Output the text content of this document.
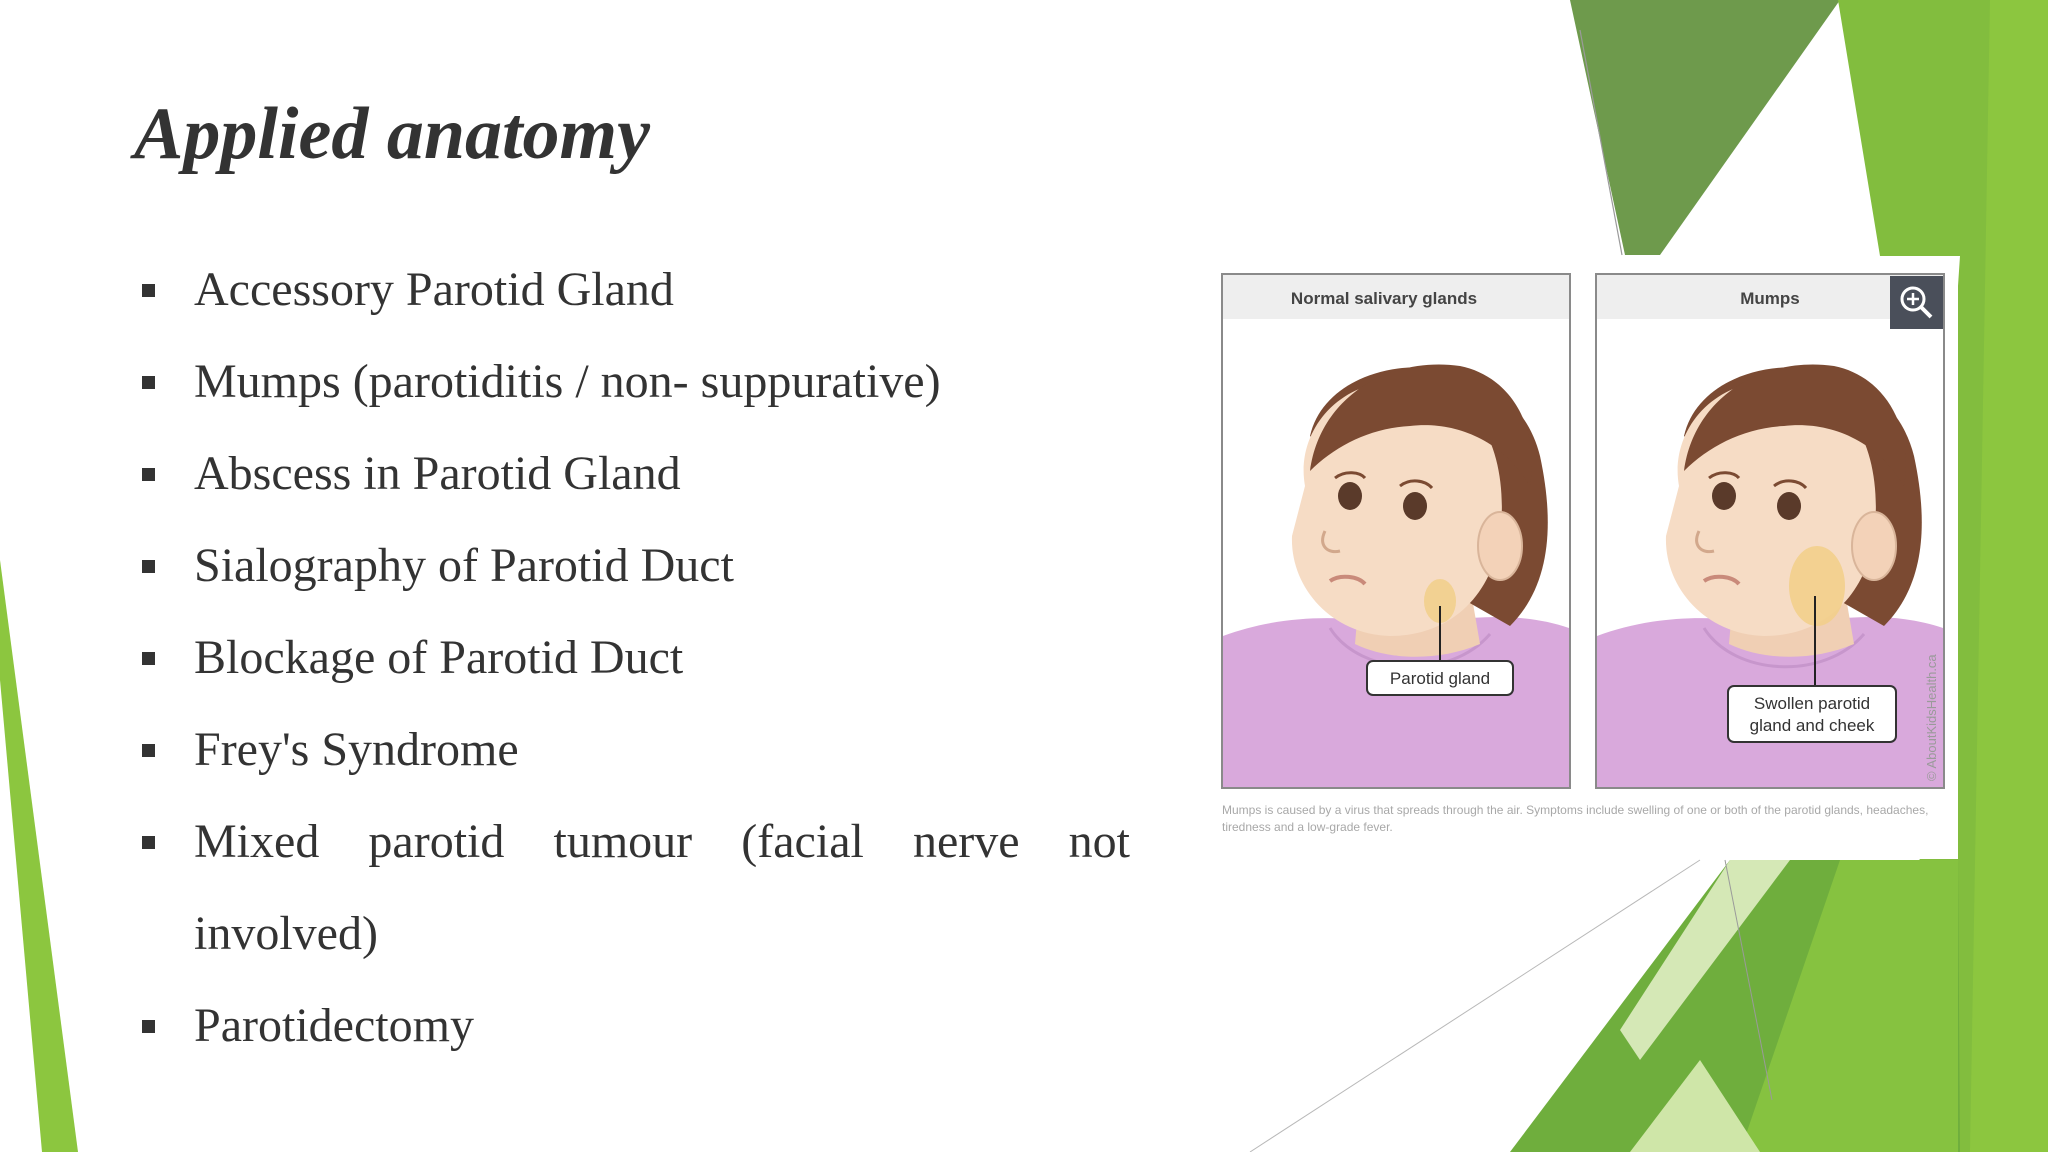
Applied anatomy
Accessory Parotid Gland
Mumps (parotiditis / non- suppurative)
Abscess in Parotid Gland
Sialography of Parotid Duct
Blockage of Parotid Duct
Frey's Syndrome
Mixed parotid tumour (facial nerve not involved)
Parotidectomy
Normal salivary glands
Parotid gland
Mumps
Swollen parotid
gland and cheek	© AboutKidsHealth.ca
Mumps is caused by a virus that spreads through the air. Symptoms include swelling of one or both of the parotid glands, headaches, tiredness and a low-grade fever.
